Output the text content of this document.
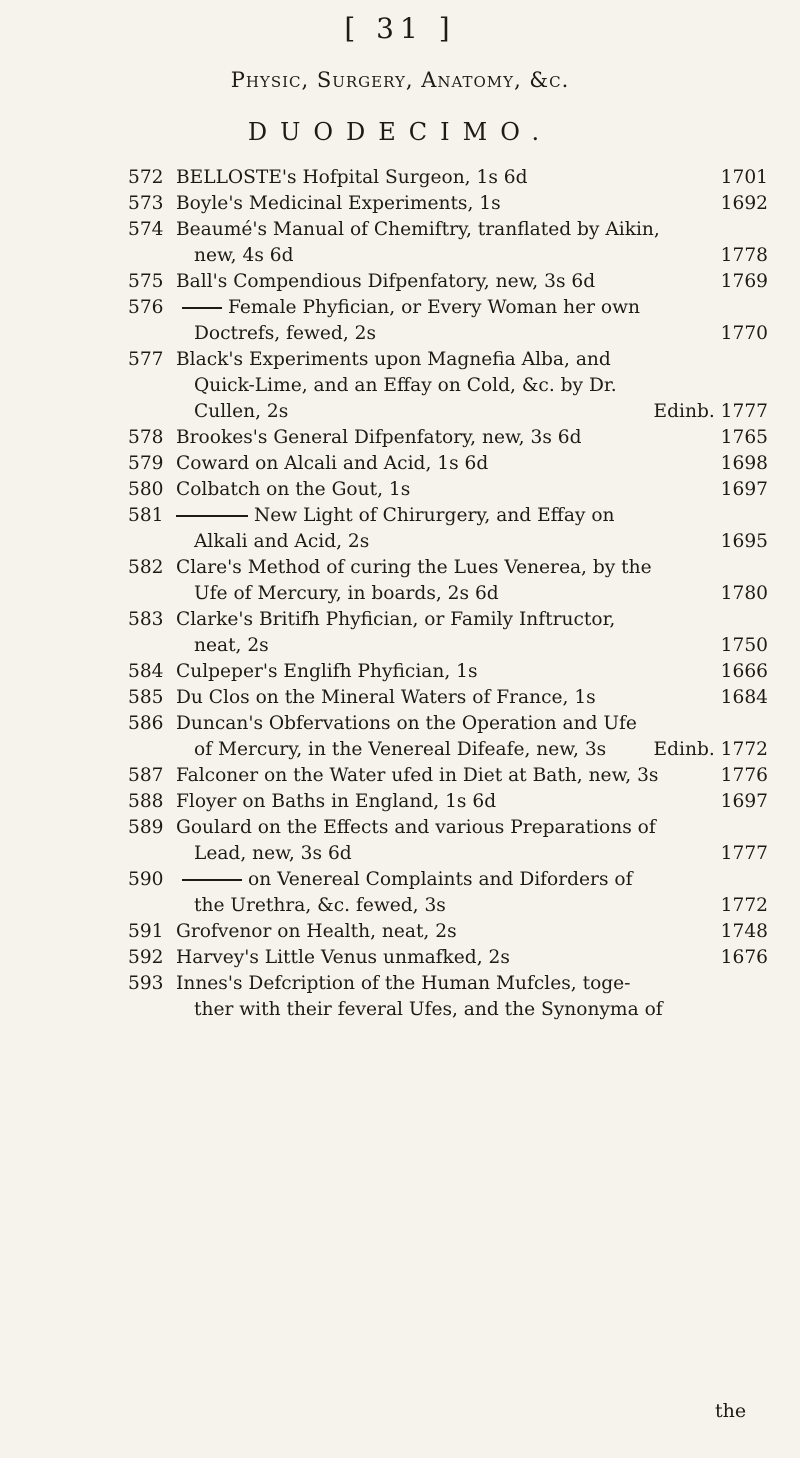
[ 31 ]
Physic, Surgery, Anatomy, &c.
DUODECIMO.
572 BELLOSTE's Hofpital Surgeon, 1s 6d	1701
573 Boyle's Medicinal Experiments, 1s	1692
574 Beaumé's Manual of Chemiftry, tranflated by Aikin,
new, 4s 6d	1778
575 Ball's Compendious Difpenfatory, new, 3s 6d	1769
576	Female Phyfician, or Every Woman her own
Doctrefs, fewed, 2s	1770
577 Black's Experiments upon Magnefia Alba, and
Quick-Lime, and an Effay on Cold, &c. by Dr.
Cullen, 2s	Edinb. 1777
578 Brookes's General Difpenfatory, new, 3s 6d	1765
579 Coward on Alcali and Acid, 1s 6d	1698
580 Colbatch on the Gout, 1s	1697
581	New Light of Chirurgery, and Effay on
Alkali and Acid, 2s	1695
582 Clare's Method of curing the Lues Venerea, by the
Ufe of Mercury, in boards, 2s 6d	1780
583 Clarke's Britifh Phyfician, or Family Inftructor,
neat, 2s	1750
584 Culpeper's Englifh Phyfician, 1s	1666
585 Du Clos on the Mineral Waters of France, 1s	1684
586 Duncan's Obfervations on the Operation and Ufe
of Mercury, in the Venereal Difeafe, new, 3s	Edinb. 1772
587 Falconer on the Water ufed in Diet at Bath, new, 3s	1776
588 Floyer on Baths in England, 1s 6d	1697
589 Goulard on the Effects and various Preparations of
Lead, new, 3s 6d	1777
590	on Venereal Complaints and Diforders of
the Urethra, &c. fewed, 3s	1772
591 Grofvenor on Health, neat, 2s	1748
592 Harvey's Little Venus unmafked, 2s	1676
593 Innes's Defcription of the Human Mufcles, toge-
ther with their feveral Ufes, and the Synonyma of
the
